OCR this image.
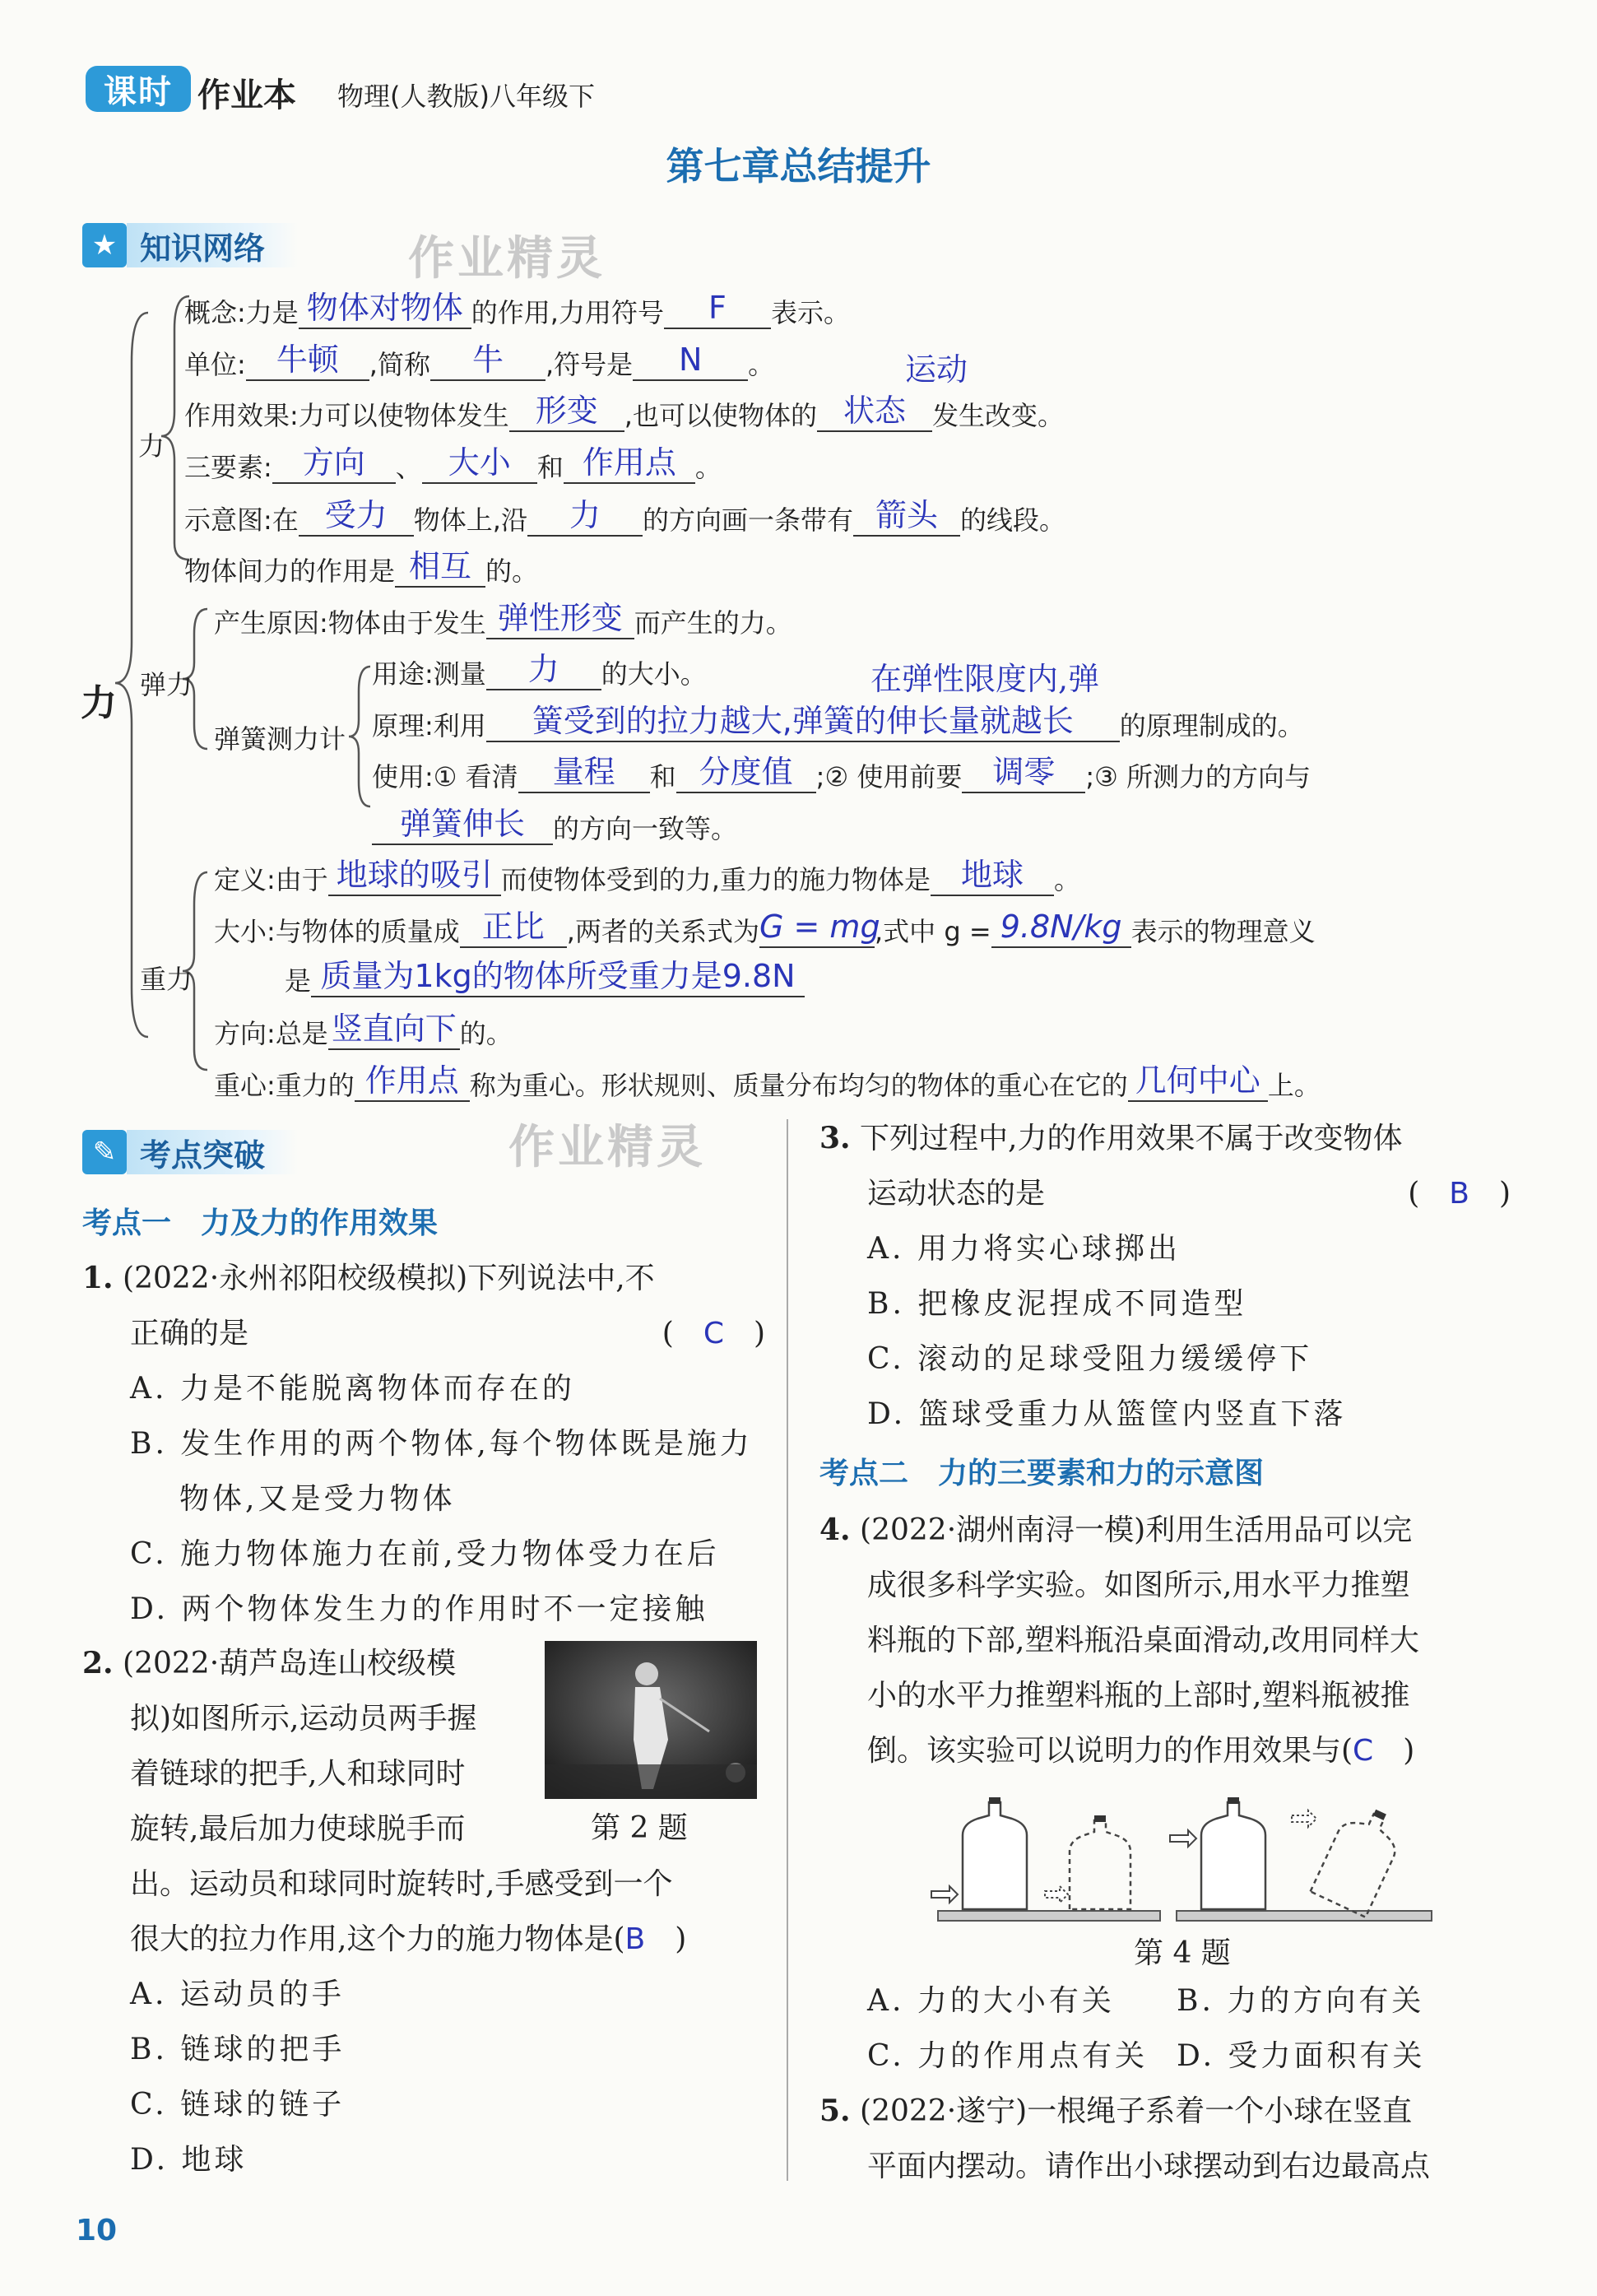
课时 作业本 物理(人教版)八年级下
第七章总结提升
★ 知识网络	作业精灵
力
力
弹力
重力
概念:力是 物体对物体 的作用,力用符号	F	表示。
单位: 牛顿	,简称	牛	,符号是	N	。	运动
作用效果:力可以使物体发生 形变	,也可以使物体的 状态	发生改变。
三要素: 方向	、 大小	和 作用点 。
示意图:在 受力	物体上,沿	力	的方向画一条带有 箭头 的线段。
物体间力的作用是 相互 的。
产生原因:物体由于发生 弹性形变 而产生的力。
弹簧测力计
用途:测量	力	的大小。	在弹性限度内,弹
原理:利用	簧受到的拉力越大,弹簧的伸长量就越长	的原理制成的。
使用:① 看清	量程	和 分度值 ;② 使用前要 调零	;③ 所测力的方向与
弹簧伸长	的方向一致等。
定义:由于 地球的吸引 而使物体受到的力,重力的施力物体是 地球	。
大小:与物体的质量成 正比 ,两者的关系式为 G = mg
,式中 g = 9.8N/kg 表示的物理意义
是 质量为1kg的物体所受重力是9.8N
方向:总是 竖直向下 的。
重心:重力的 作用点 称为重心。形状规则、质量分布均匀的物体的重心在它的 几何中心 上。
✎ 考点突破	作业精灵
考点一　力及力的作用效果
1. (2022·永州祁阳校级模拟)下列说法中,不
正确的是	(　C　)
A. 力是不能脱离物体而存在的
B. 发生作用的两个物体,每个物体既是施力
物体,又是受力物体
C. 施力物体施力在前,受力物体受力在后
D. 两个物体发生力的作用时不一定接触
2. (2022·葫芦岛连山校级模
拟)如图所示,运动员两手握
着链球的把手,人和球同时
旋转,最后加力使球脱手而
出。运动员和球同时旋转时,手感受到一个
很大的拉力作用,这个力的施力物体是(B　)
A. 运动员的手
B. 链球的把手
C. 链球的链子
D. 地球
第 2 题
3. 下列过程中,力的作用效果不属于改变物体
运动状态的是	(　B　)
A. 用力将实心球掷出
B. 把橡皮泥捏成不同造型
C. 滚动的足球受阻力缓缓停下
D. 篮球受重力从篮筐内竖直下落
考点二　力的三要素和力的示意图
4. (2022·湖州南浔一模)利用生活用品可以完
成很多科学实验。如图所示,用水平力推塑
料瓶的下部,塑料瓶沿桌面滑动,改用同样大
小的水平力推塑料瓶的上部时,塑料瓶被推
倒。该实验可以说明力的作用效果与(C　)
第 4 题
A. 力的大小有关 B. 力的方向有关
C. 力的作用点有关 D. 受力面积有关
5. (2022·遂宁)一根绳子系着一个小球在竖直
平面内摆动。请作出小球摆动到右边最高点
10
